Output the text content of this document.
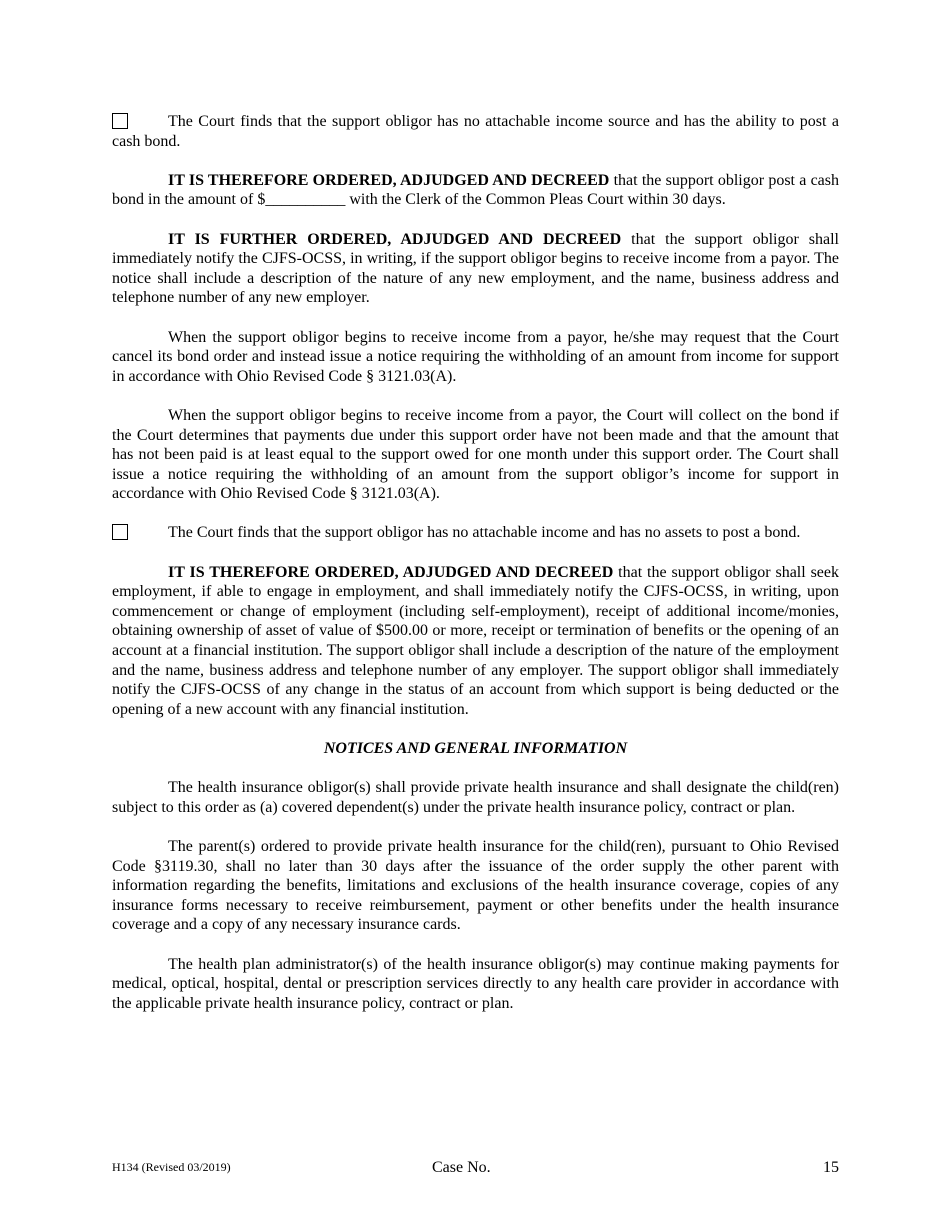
The Court finds that the support obligor has no attachable income source and has the ability to post a cash bond.

IT IS THEREFORE ORDERED, ADJUDGED AND DECREED that the support obligor post a cash bond in the amount of $__________ with the Clerk of the Common Pleas Court within 30 days.

IT IS FURTHER ORDERED, ADJUDGED AND DECREED that the support obligor shall immediately notify the CJFS-OCSS, in writing, if the support obligor begins to receive income from a payor. The notice shall include a description of the nature of any new employment, and the name, business address and telephone number of any new employer.

When the support obligor begins to receive income from a payor, he/she may request that the Court cancel its bond order and instead issue a notice requiring the withholding of an amount from income for support in accordance with Ohio Revised Code § 3121.03(A).

When the support obligor begins to receive income from a payor, the Court will collect on the bond if the Court determines that payments due under this support order have not been made and that the amount that has not been paid is at least equal to the support owed for one month under this support order. The Court shall issue a notice requiring the withholding of an amount from the support obligor’s income for support in accordance with Ohio Revised Code § 3121.03(A).

The Court finds that the support obligor has no attachable income and has no assets to post a bond.

IT IS THEREFORE ORDERED, ADJUDGED AND DECREED that the support obligor shall seek employment, if able to engage in employment, and shall immediately notify the CJFS-OCSS, in writing, upon commencement or change of employment (including self-employment), receipt of additional income/monies, obtaining ownership of asset of value of $500.00 or more, receipt or termination of benefits or the opening of an account at a financial institution. The support obligor shall include a description of the nature of the employment and the name, business address and telephone number of any employer. The support obligor shall immediately notify the CJFS-OCSS of any change in the status of an account from which support is being deducted or the opening of a new account with any financial institution.

NOTICES AND GENERAL INFORMATION

The health insurance obligor(s) shall provide private health insurance and shall designate the child(ren) subject to this order as (a) covered dependent(s) under the private health insurance policy, contract or plan.

The parent(s) ordered to provide private health insurance for the child(ren), pursuant to Ohio Revised Code §3119.30, shall no later than 30 days after the issuance of the order supply the other parent with information regarding the benefits, limitations and exclusions of the health insurance coverage, copies of any insurance forms necessary to receive reimbursement, payment or other benefits under the health insurance coverage and a copy of any necessary insurance cards.

The health plan administrator(s) of the health insurance obligor(s) may continue making payments for medical, optical, hospital, dental or prescription services directly to any health care provider in accordance with the applicable private health insurance policy, contract or plan.

H134 (Revised 03/2019)	Case No.	15
